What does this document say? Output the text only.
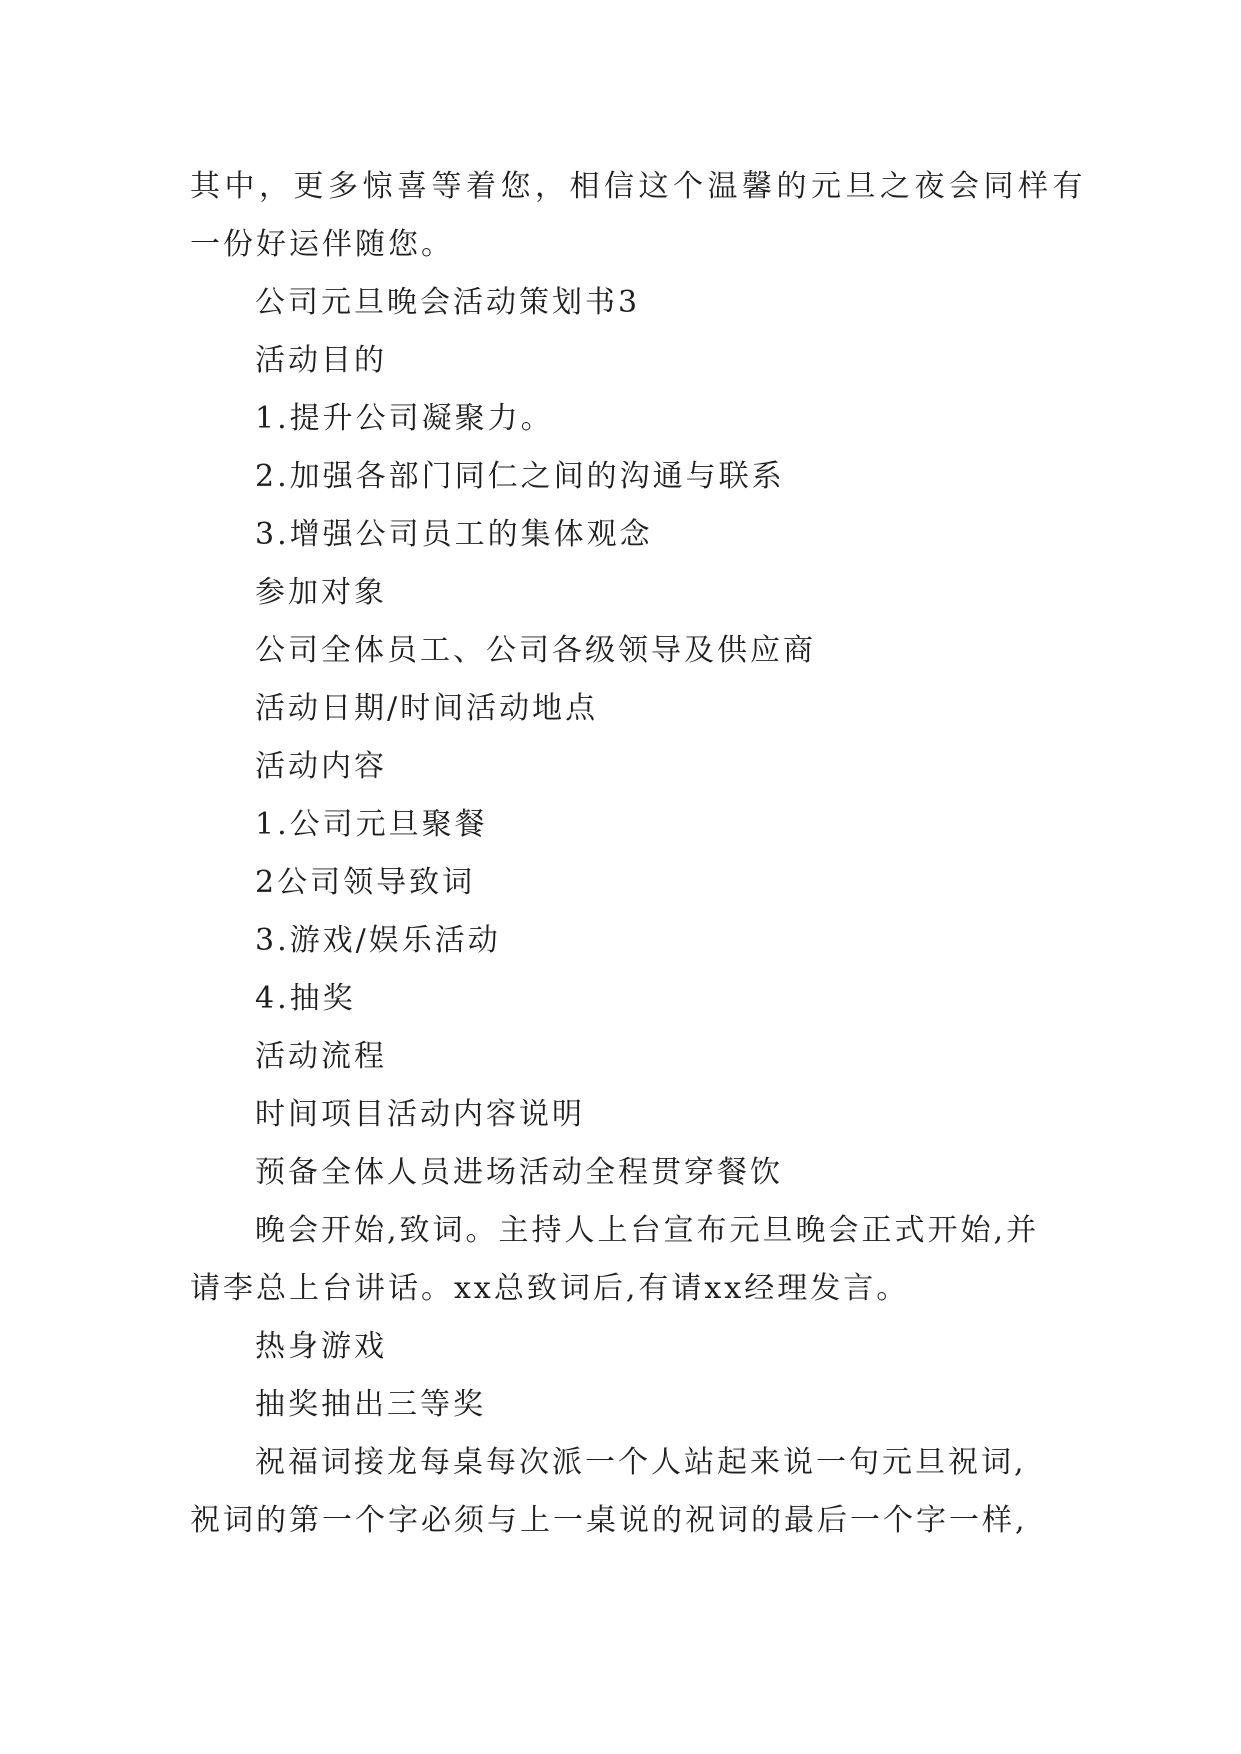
其中，更多惊喜等着您，相信这个温馨的元旦之夜会同样有
一份好运伴随您。
公司元旦晚会活动策划书3
活动目的
1.提升公司凝聚力。
2.加强各部门同仁之间的沟通与联系
3.增强公司员工的集体观念
参加对象
公司全体员工、公司各级领导及供应商
活动日期/时间活动地点
活动内容
1.公司元旦聚餐
2公司领导致词
3.游戏/娱乐活动
4.抽奖
活动流程
时间项目活动内容说明
预备全体人员进场活动全程贯穿餐饮
晚会开始,致词。主持人上台宣布元旦晚会正式开始,并
请李总上台讲话。xx总致词后,有请xx经理发言。
热身游戏
抽奖抽出三等奖
祝福词接龙每桌每次派一个人站起来说一句元旦祝词,
祝词的第一个字必须与上一桌说的祝词的最后一个字一样,
